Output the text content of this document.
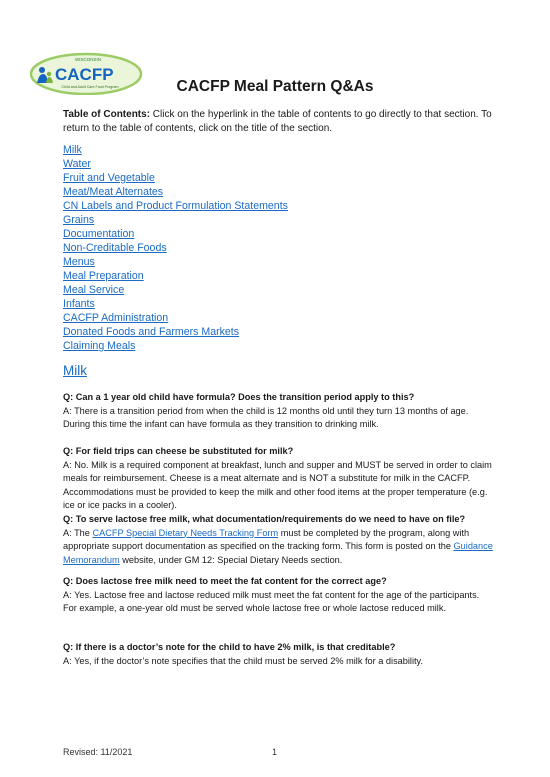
WISCONSIN
CACFP
Child and Adult Care Food Program	CACFP Meal Pattern Q&As
Table of Contents: Click on the hyperlink in the table of contents to go directly to that section. To return to the table of contents, click on the title of the section.
Milk
Water
Fruit and Vegetable
Meat/Meat Alternates
CN Labels and Product Formulation Statements
Grains
Documentation
Non-Creditable Foods
Menus
Meal Preparation
Meal Service
Infants
CACFP Administration
Donated Foods and Farmers Markets
Claiming Meals
Milk
Q: Can a 1 year old child have formula? Does the transition period apply to this?
A: There is a transition period from when the child is 12 months old until they turn 13 months of age. During this time the infant can have formula as they transition to drinking milk.
Q: For field trips can cheese be substituted for milk?
A: No. Milk is a required component at breakfast, lunch and supper and MUST be served in order to claim meals for reimbursement. Cheese is a meat alternate and is NOT a substitute for milk in the CACFP. Accommodations must be provided to keep the milk and other food items at the proper temperature (e.g. ice or ice packs in a cooler).
Q: To serve lactose free milk, what documentation/requirements do we need to have on file?
A: The CACFP Special Dietary Needs Tracking Form must be completed by the program, along with appropriate support documentation as specified on the tracking form. This form is posted on the Guidance Memorandum website, under GM 12: Special Dietary Needs section.
Q: Does lactose free milk need to meet the fat content for the correct age?
A: Yes. Lactose free and lactose reduced milk must meet the fat content for the age of the participants. For example, a one-year old must be served whole lactose free or whole lactose reduced milk.
Q: If there is a doctor’s note for the child to have 2% milk, is that creditable?
A: Yes, if the doctor’s note specifies that the child must be served 2% milk for a disability.
Revised: 11/2021	1
